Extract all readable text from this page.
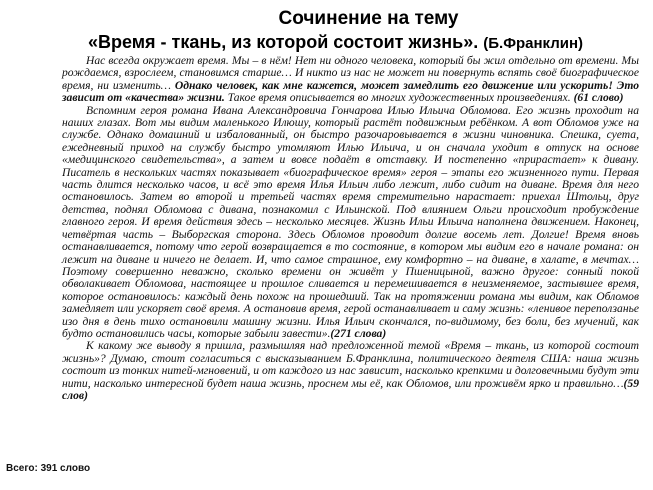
Сочинение на тему
«Время - ткань, из которой состоит жизнь». (Б.Франклин)

Нас всегда окружает время. Мы – в нём! Нет ни одного человека, который бы жил отдельно от времени. Мы рождаемся, взрослеем, становимся старше… И никто из нас не может ни повернуть вспять своё биографическое время, ни изменить… Однако человек, как мне кажется, может замедлить его движение или ускорить! Это зависит от «качества» жизни. Такое время описывается во многих художественных произведениях. (61 слово)

Вспомним героя романа Ивана Александровича Гончарова Илью Ильича Обломова. Его жизнь проходит на наших глазах. Вот мы видим маленького Илюшу, который растёт подвижным ребёнком. А вот Обломов уже на службе. Однако домашний и избалованный, он быстро разочаровывается в жизни чиновника. Спешка, суета, ежедневный приход на службу быстро утомляют Илью Ильича, и он сначала уходит в отпуск на основе «медицинского свидетельства», а затем и вовсе подаёт в отставку. И постепенно «прирастает» к дивану. Писатель в нескольких частях показывает «биографическое время» героя – этапы его жизненного пути. Первая часть длится несколько часов, и всё это время Илья Ильич либо лежит, либо сидит на диване. Время для него остановилось. Затем во второй и третьей частях время стремительно нарастает: приехал Штольц, друг детства, поднял Обломова с дивана, познакомил с Ильинской. Под влиянием Ольги происходит пробуждение главного героя. И время действия здесь – несколько месяцев. Жизнь Ильи Ильича наполнена движением. Наконец, четвёртая часть – Выборгская сторона. Здесь Обломов проводит долгие восемь лет. Долгие! Время вновь останавливается, потому что герой возвращается в то состояние, в котором мы видим его в начале романа: он лежит на диване и ничего не делает. И, что самое страшное, ему комфортно – на диване, в халате, в мечтах… Поэтому совершенно неважно, сколько времени он живёт у Пшеницыной, важно другое: сонный покой обволакивает Обломова, настоящее и прошлое сливается и перемешивается в неизменяемое, застывшее время, которое остановилось: каждый день похож на прошедший. Так на протяжении романа мы видим, как Обломов замедляет или ускоряет своё время. А остановив время, герой останавливает и саму жизнь: «ленивое переползанье изо дня в день тихо остановили машину жизни. Илья Ильич скончался, по-видимому, без боли, без мучений, как будто остановились часы, которые забыли завести».(271 слова)

К какому же выводу я пришла, размышляя над предложенной темой «Время – ткань, из которой состоит жизнь»? Думаю, стоит согласиться с высказыванием Б.Франклина, политического деятеля США: наша жизнь состоит из тонких нитей-мгновений, и от каждого из нас зависит, насколько крепкими и долговечными будут эти нити, насколько интересной будет наша жизнь, проснем мы её, как Обломов, или проживём ярко и правильно…(59 слов)

Всего: 391 слово
